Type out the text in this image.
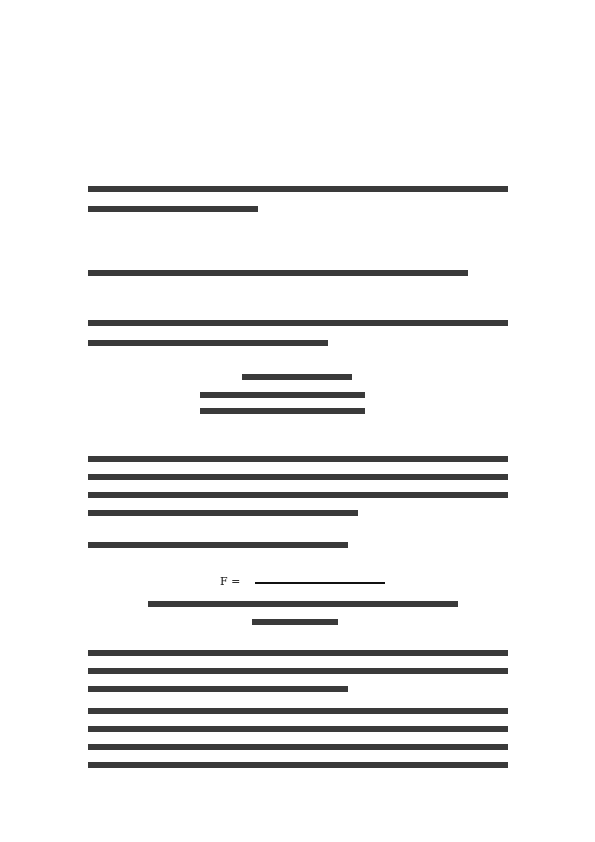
F =
